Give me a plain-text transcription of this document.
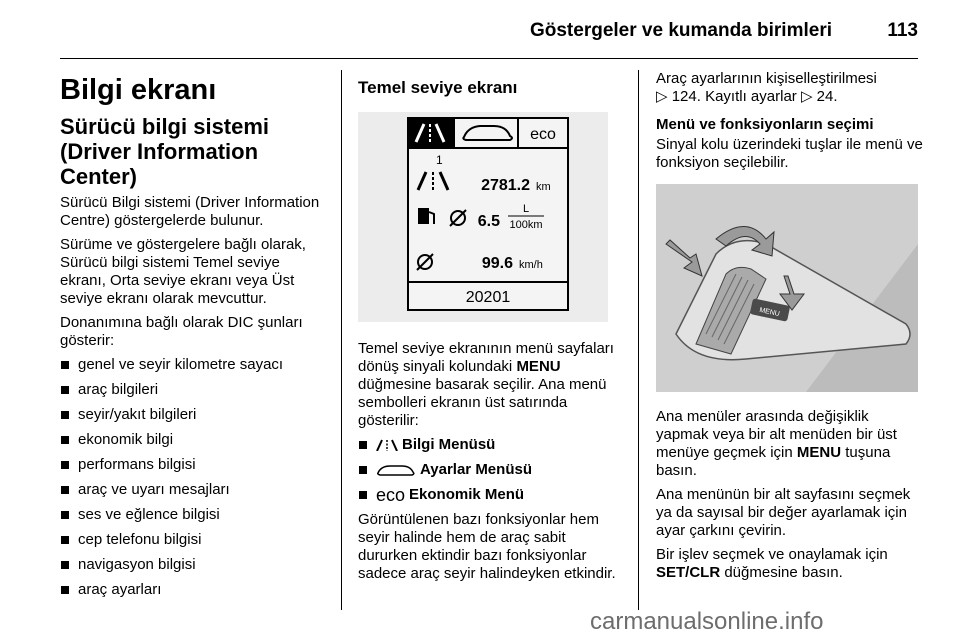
Göstergeler ve kumanda birimleri	113
Bilgi ekranı
Sürücü bilgi sistemi (Driver Information Center)

Sürücü Bilgi sistemi (Driver Information Centre) göstergelerde bulunur.

Sürüme ve göstergelere bağlı olarak, Sürücü bilgi sistemi Temel seviye ekranı, Orta seviye ekranı veya Üst seviye ekranı olarak mevcuttur.

Donanımına bağlı olarak DIC şunları gösterir:

genel ve seyir kilometre sayacı
araç bilgileri
seyir/yakıt bilgileri
ekonomik bilgi
performans bilgisi
araç ve uyarı mesajları
ses ve eğlence bilgisi
cep telefonu bilgisi
navigasyon bilgisi
araç ayarları
Temel seviye ekranı
eco
1
2781.2 km
6.5
L
100km
99.6 km/h
20201

Temel seviye ekranının menü sayfaları dönüş sinyali kolundaki MENU düğmesine basarak seçilir. Ana menü sembolleri ekranın üst satırında gösterilir:

Bilgi Menüsü
Ayarlar Menüsü
eco Ekonomik Menü

Görüntülenen bazı fonksiyonlar hem seyir halinde hem de araç sabit dururken ektindir bazı fonksiyonlar sadece araç seyir halindeyken etkindir.

Araç ayarlarının kişiselleştirilmesi
▷ 124. Kayıtlı ayarlar ▷ 24.

Menü ve fonksiyonların seçimi

Sinyal kolu üzerindeki tuşlar ile menü ve fonksiyon seçilebilir.

MENU

Ana menüler arasında değişiklik yapmak veya bir alt menüden bir üst menüye geçmek için MENU tuşuna basın.

Ana menünün bir alt sayfasını seçmek ya da sayısal bir değer ayarlamak için ayar çarkını çevirin.

Bir işlev seçmek ve onaylamak için SET/CLR düğmesine basın.

carmanualsonline.info
